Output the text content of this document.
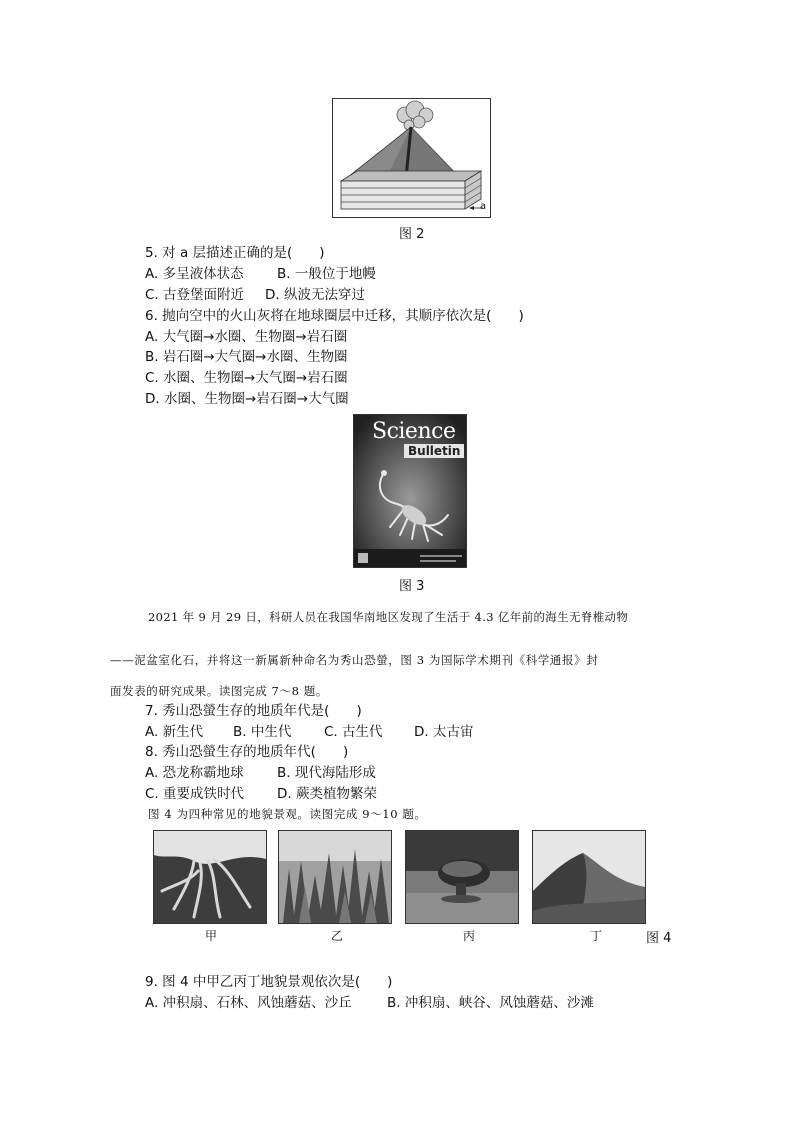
a
图 2
5. 对 a 层描述正确的是(　　)
A. 多呈液体状态 B. 一般位于地幔
C. 古登堡面附近 D. 纵波无法穿过
6. 抛向空中的火山灰将在地球圈层中迁移，其顺序依次是(　　)
A. 大气圈→水圈、生物圈→岩石圈
B. 岩石圈→大气圈→水圈、生物圈
C. 水圈、生物圈→大气圈→岩石圈
D. 水圈、生物圈→岩石圈→大气圈
Science
Bulletin
图 3
2021 年 9 月 29 日，科研人员在我国华南地区发现了生活于 4.3 亿年前的海生无脊椎动物
——泥盆室化石，并将这一新属新种命名为秀山恐螢，图 3 为国际学术期刊《科学通报》封
面发表的研究成果。读图完成 7～8 题。
7. 秀山恐螢生存的地质年代是(　　)
A. 新生代 B. 中生代 C. 古生代 D. 太古宙
8. 秀山恐螢生存的地质年代(　　)
A. 恐龙称霸地球 B. 现代海陆形成
C. 重要成铁时代 D. 蕨类植物繁荣
图 4 为四种常见的地貌景观。读图完成 9～10 题。
甲	乙	丙	丁	图 4
9. 图 4 中甲乙丙丁地貌景观依次是(　　)
A. 冲积扇、石林、风蚀蘑菇、沙丘	B. 冲积扇、峡谷、风蚀蘑菇、沙滩
